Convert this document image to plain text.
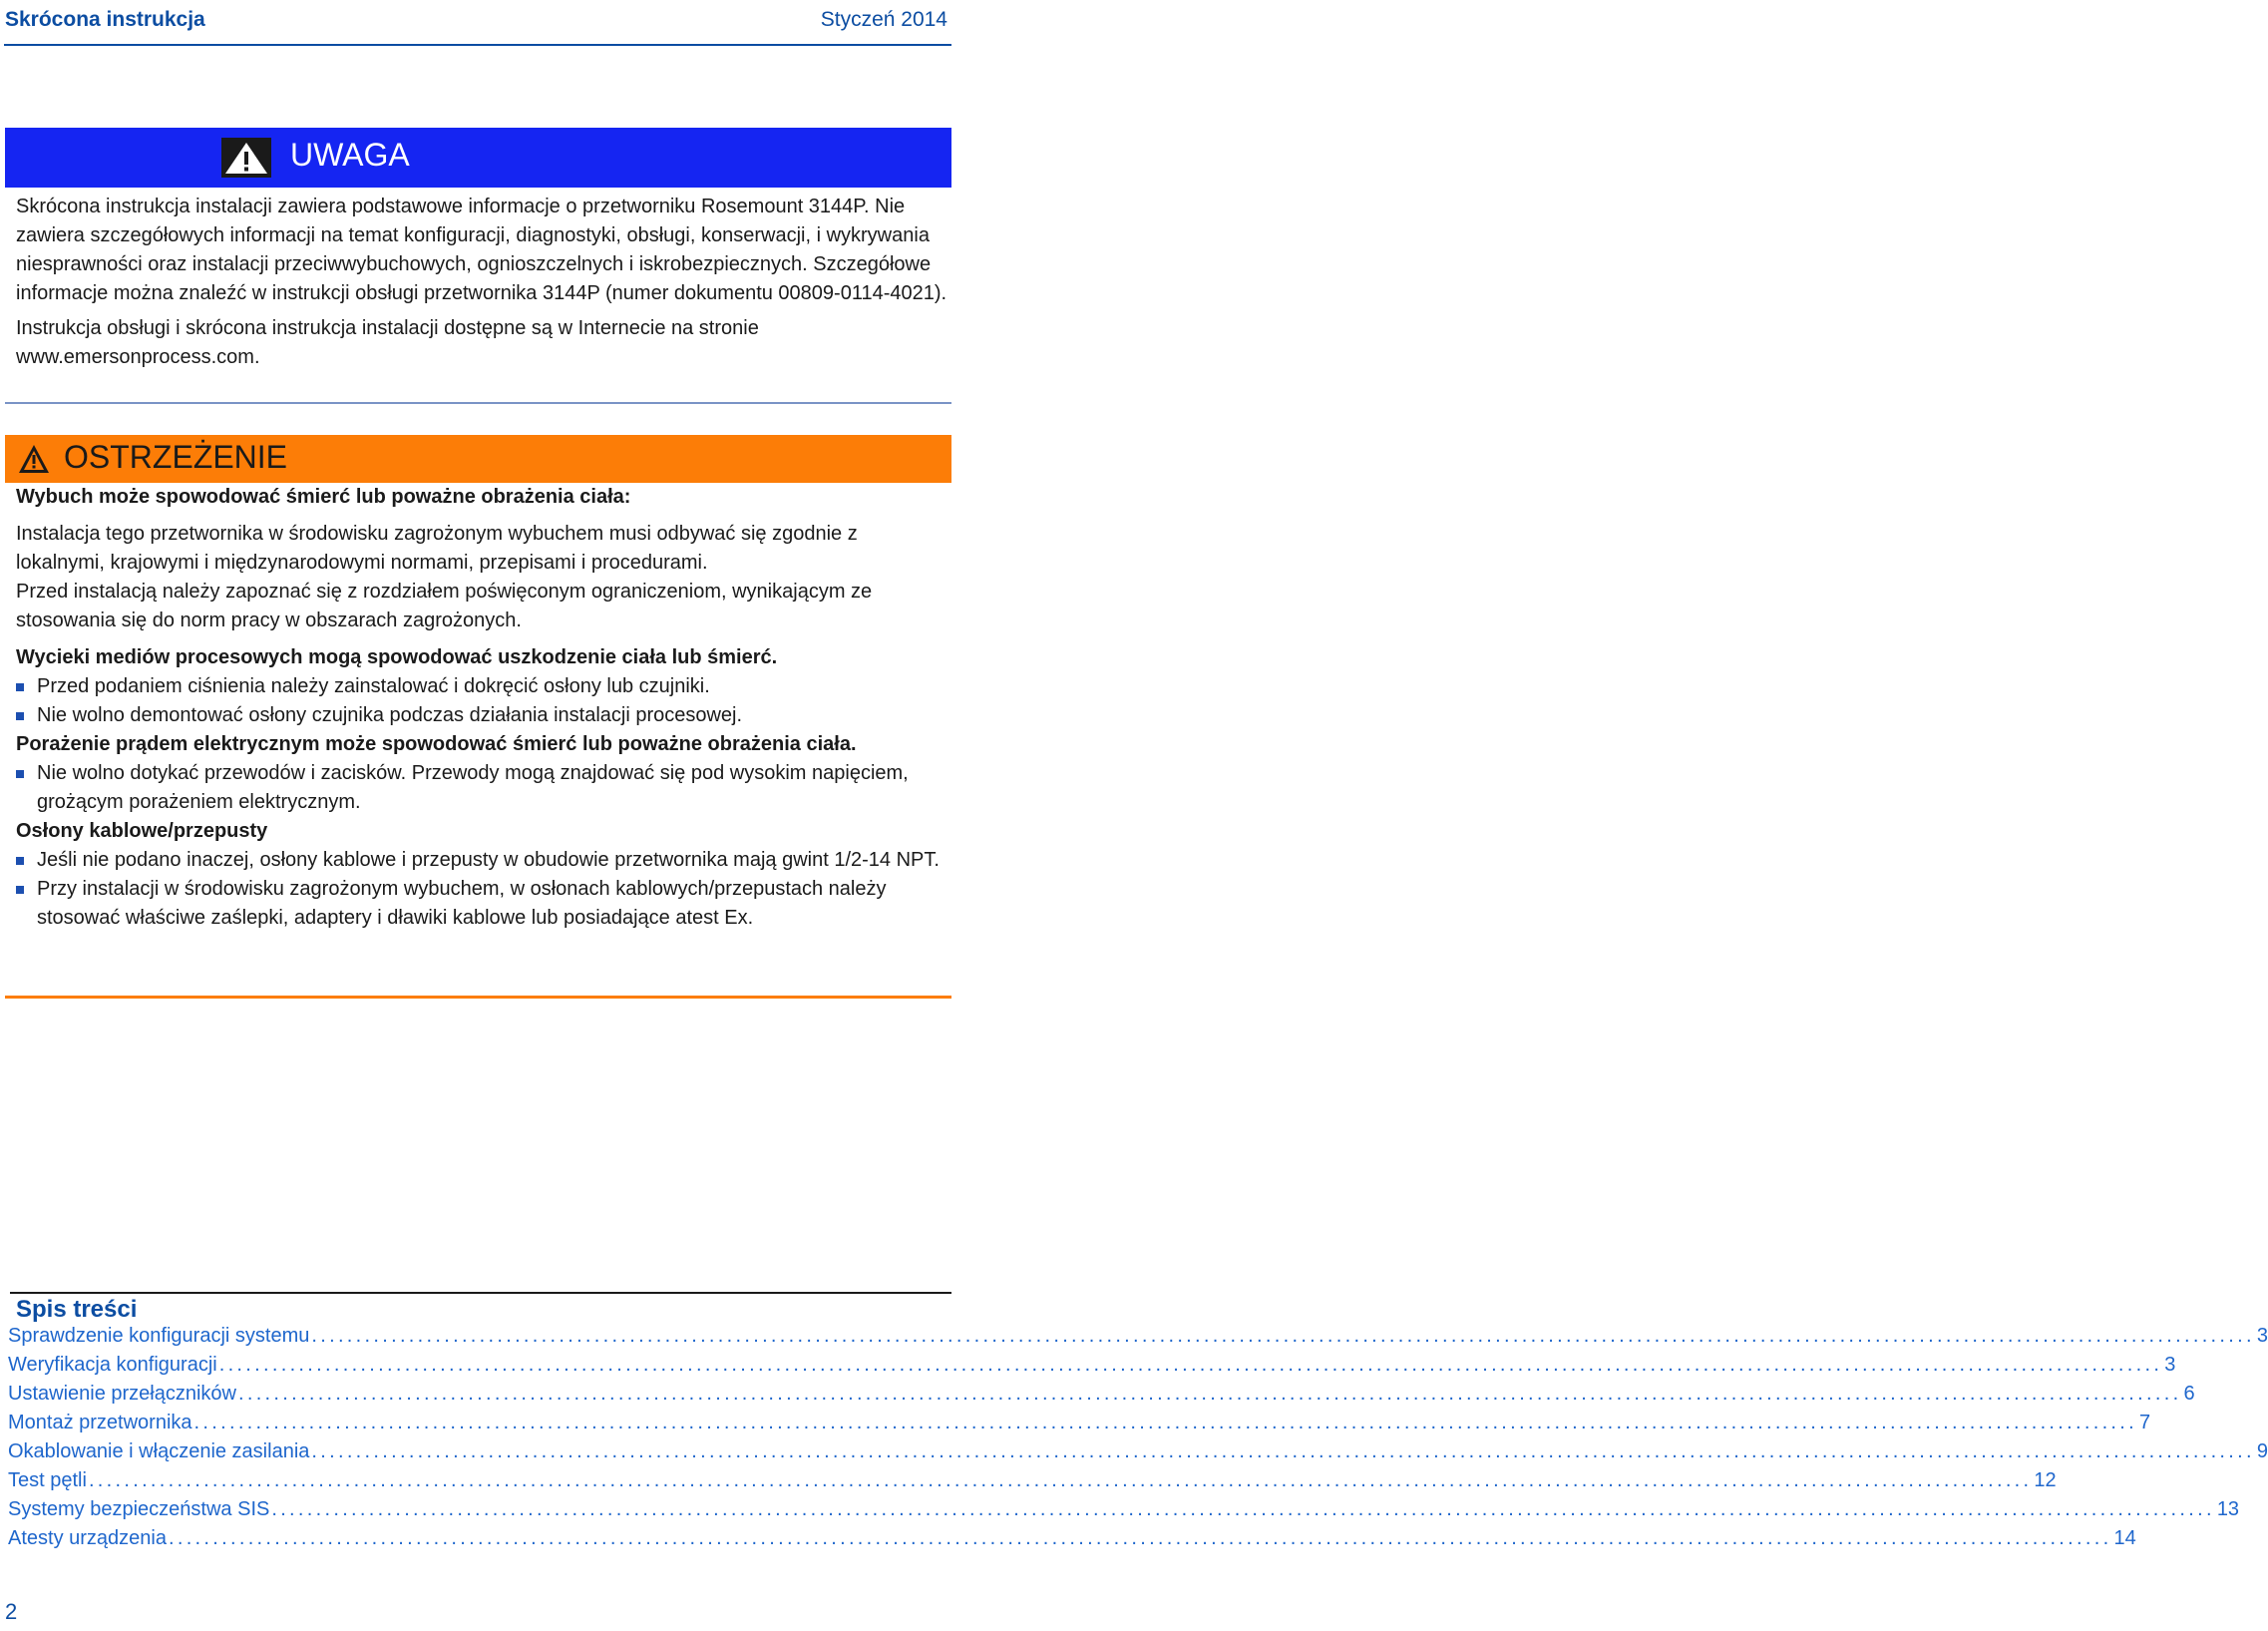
Skrócona instrukcja	Styczeń 2014
UWAGA

Skrócona instrukcja instalacji zawiera podstawowe informacje o przetworniku Rosemount 3144P. Nie zawiera szczegółowych informacji na temat konfiguracji, diagnostyki, obsługi, konserwacji, i wykrywania niesprawności oraz instalacji przeciwwybuchowych, ognioszczelnych i iskrobezpiecznych. Szczegółowe informacje można znaleźć w instrukcji obsługi przetwornika 3144P (numer dokumentu 00809-0114-4021).

Instrukcja obsługi i skrócona instrukcja instalacji dostępne są w Internecie na stronie www.emersonprocess.com.

OSTRZEŻENIE

Wybuch może spowodować śmierć lub poważne obrażenia ciała:

Instalacja tego przetwornika w środowisku zagrożonym wybuchem musi odbywać się zgodnie z lokalnymi, krajowymi i międzynarodowymi normami, przepisami i procedurami.

Przed instalacją należy zapoznać się z rozdziałem poświęconym ograniczeniom, wynikającym ze stosowania się do norm pracy w obszarach zagrożonych.

Wycieki mediów procesowych mogą spowodować uszkodzenie ciała lub śmierć.

Przed podaniem ciśnienia należy zainstalować i dokręcić osłony lub czujniki.
Nie wolno demontować osłony czujnika podczas działania instalacji procesowej.

Porażenie prądem elektrycznym może spowodować śmierć lub poważne obrażenia ciała.

Nie wolno dotykać przewodów i zacisków. Przewody mogą znajdować się pod wysokim napięciem, grożącym porażeniem elektrycznym.

Osłony kablowe/przepusty

Jeśli nie podano inaczej, osłony kablowe i przepusty w obudowie przetwornika mają gwint 1/2-14 NPT.
Przy instalacji w środowisku zagrożonym wybuchem, w osłonach kablowych/przepustach należy stosować właściwe zaślepki, adaptery i dławiki kablowe lub posiadające atest Ex.
Spis treści
Sprawdzenie konfiguracji systemu ............................................................................................................................................................................................................................ 3
Weryfikacja konfiguracji ............................................................................................................................................................................................................................ 3
Ustawienie przełączników ............................................................................................................................................................................................................................ 6
Montaż przetwornika ............................................................................................................................................................................................................................ 7
Okablowanie i włączenie zasilania ............................................................................................................................................................................................................................ 9
Test pętli ............................................................................................................................................................................................................................ 12
Systemy bezpieczeństwa SIS ............................................................................................................................................................................................................................ 13
Atesty urządzenia ............................................................................................................................................................................................................................ 14
2
